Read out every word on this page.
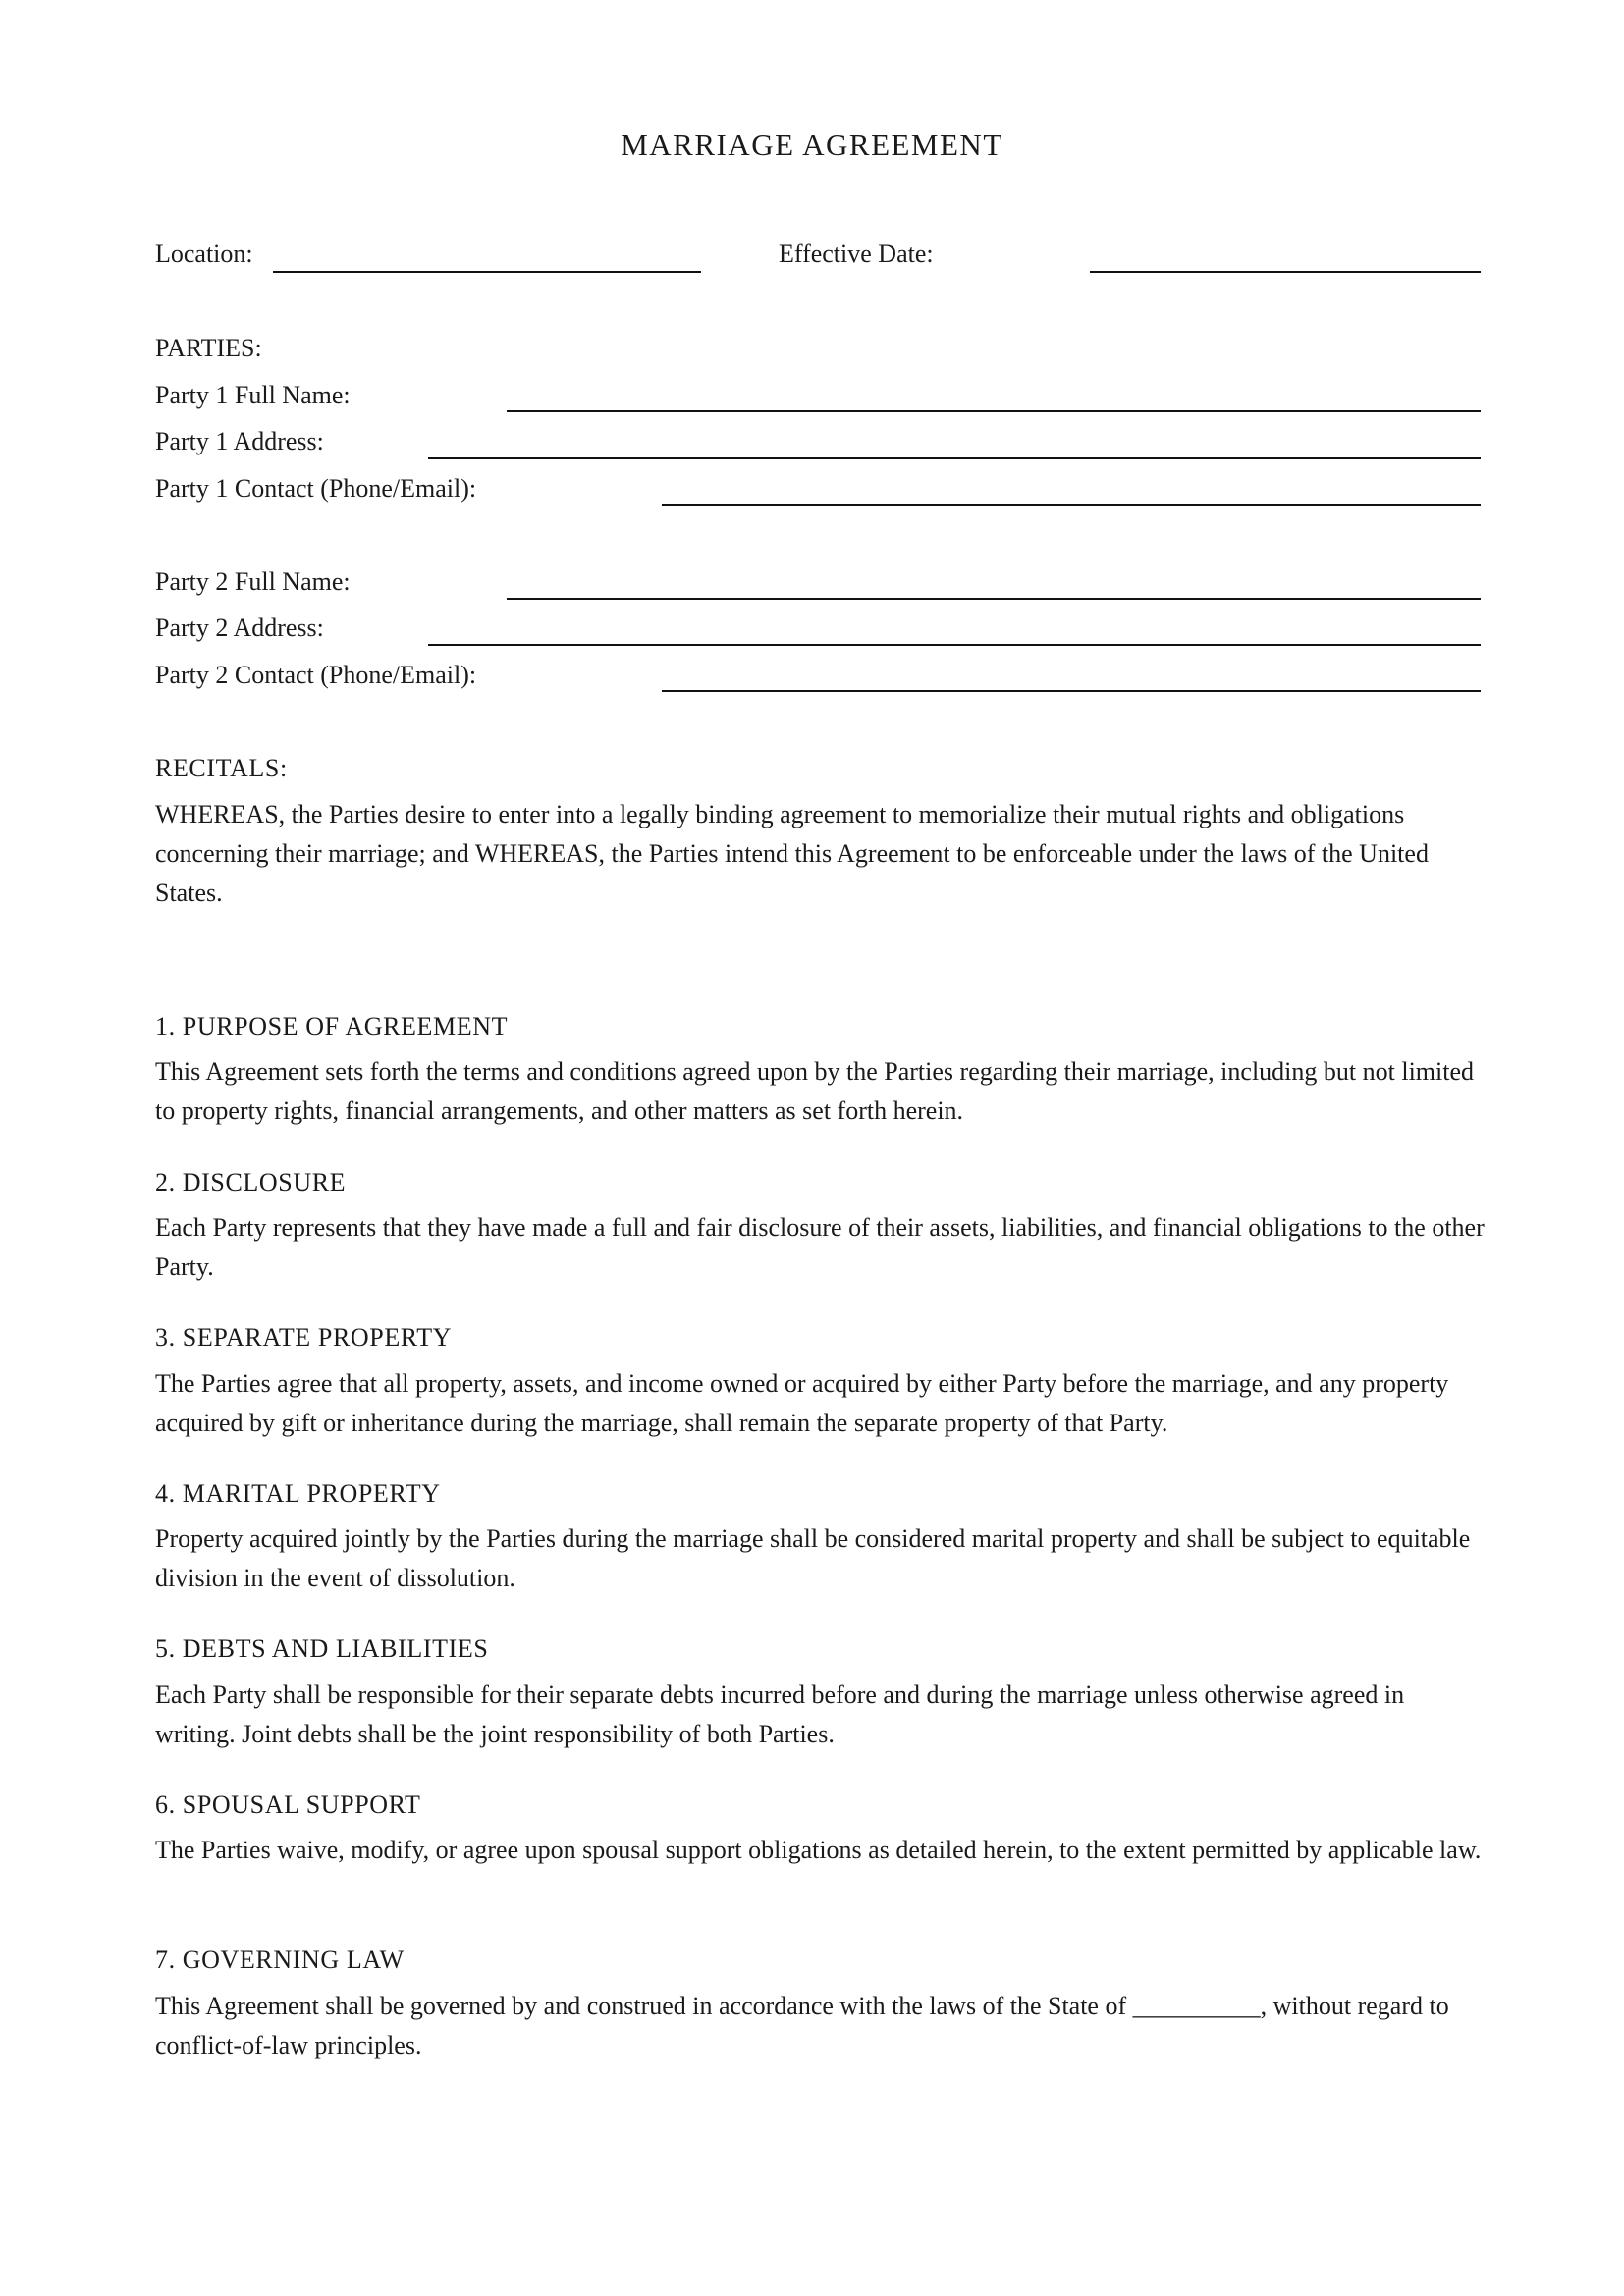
MARRIAGE AGREEMENT
Location:	Effective Date:
PARTIES:
Party 1 Full Name:
Party 1 Address:
Party 1 Contact (Phone/Email):
Party 2 Full Name:
Party 2 Address:
Party 2 Contact (Phone/Email):
RECITALS:
WHEREAS, the Parties desire to enter into a legally binding agreement to memorialize their mutual rights and obligations concerning their marriage; and WHEREAS, the Parties intend this Agreement to be enforceable under the laws of the United States.
1. PURPOSE OF AGREEMENT
This Agreement sets forth the terms and conditions agreed upon by the Parties regarding their marriage, including but not limited to property rights, financial arrangements, and other matters as set forth herein.
2. DISCLOSURE
Each Party represents that they have made a full and fair disclosure of their assets, liabilities, and financial obligations to the other Party.
3. SEPARATE PROPERTY
The Parties agree that all property, assets, and income owned or acquired by either Party before the marriage, and any property acquired by gift or inheritance during the marriage, shall remain the separate property of that Party.
4. MARITAL PROPERTY
Property acquired jointly by the Parties during the marriage shall be considered marital property and shall be subject to equitable division in the event of dissolution.
5. DEBTS AND LIABILITIES
Each Party shall be responsible for their separate debts incurred before and during the marriage unless otherwise agreed in writing. Joint debts shall be the joint responsibility of both Parties.
6. SPOUSAL SUPPORT
The Parties waive, modify, or agree upon spousal support obligations as detailed herein, to the extent permitted by applicable law.
7. GOVERNING LAW
This Agreement shall be governed by and construed in accordance with the laws of the State of __________, without regard to conflict-of-law principles.
